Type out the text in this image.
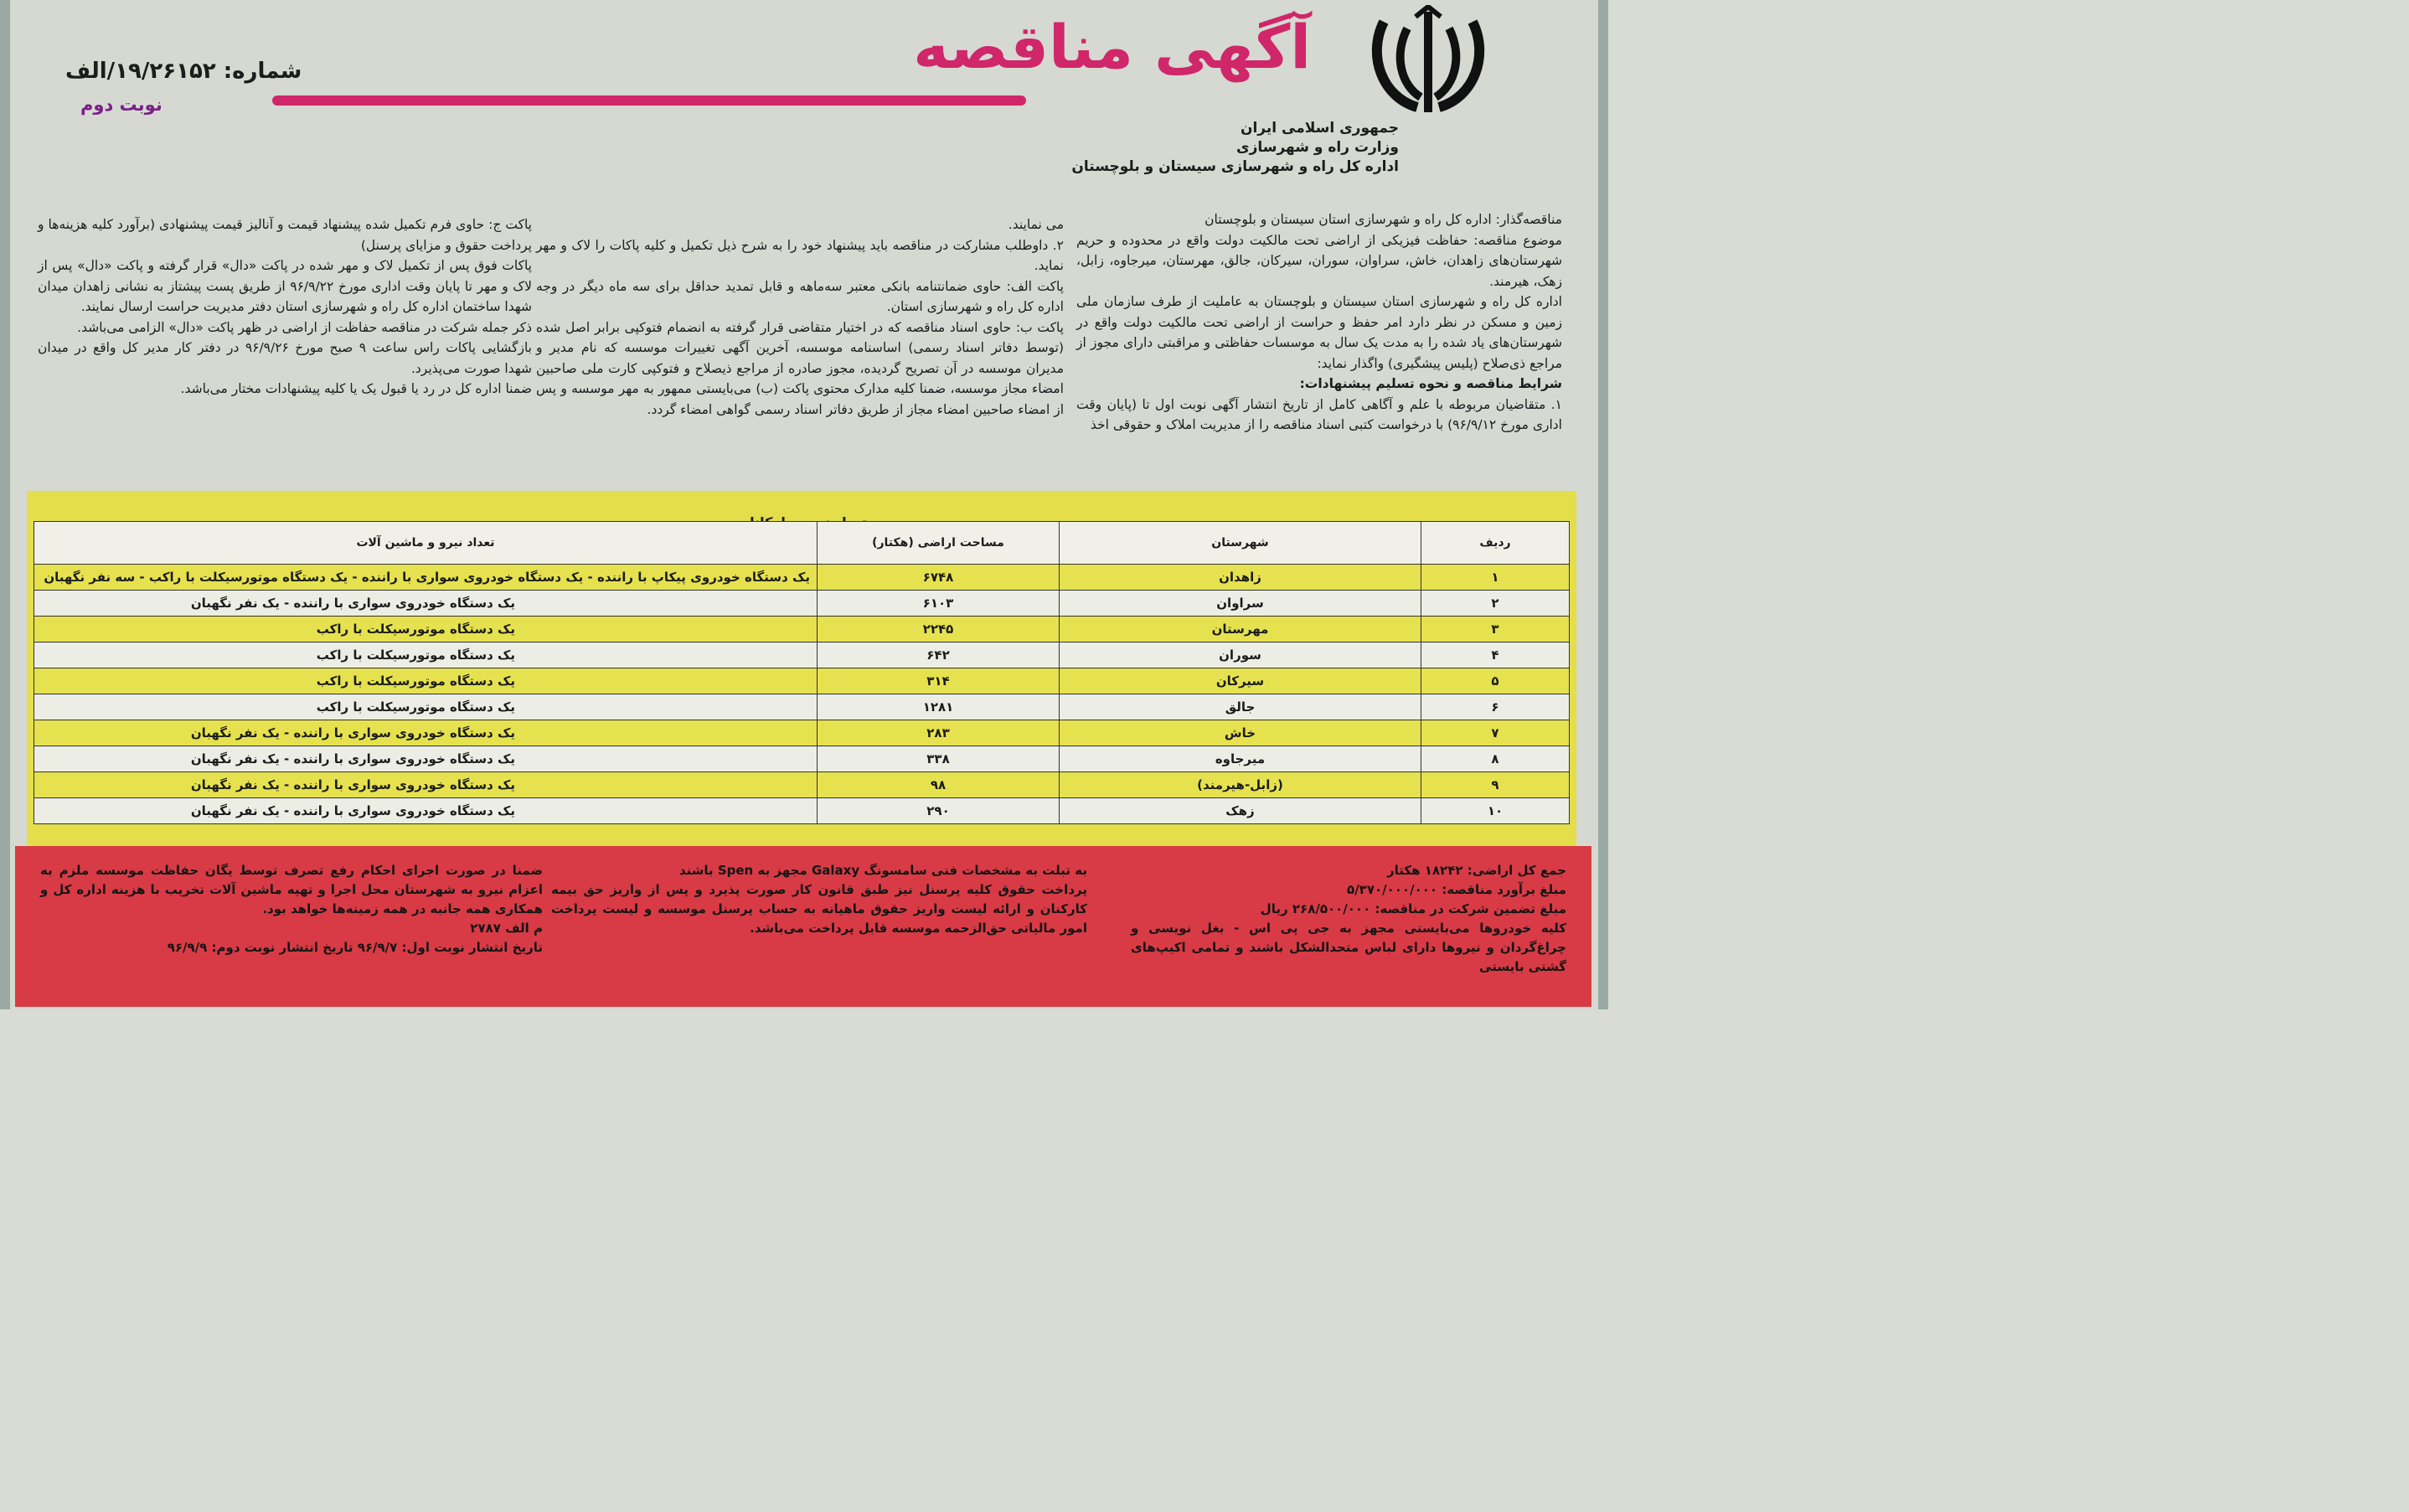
جمهوری اسلامی ایران
وزارت راه و شهرسازی
اداره کل راه و شهرسازی سیستان و بلوچستان
آگهی مناقصه
شماره: ۱۹/۲۶۱۵۲/الف
نوبت دوم

مناقصه‌گذار: اداره کل راه و شهرسازی استان سیستان و بلوچستان

موضوع مناقصه: حفاظت فیزیکی از اراضی تحت مالکیت دولت واقع در محدوده و حریم شهرستان‌های زاهدان، خاش، سراوان، سوران، سیرکان، جالق، مهرستان، میرجاوه، زابل، زهک، هیرمند.

اداره کل راه و شهرسازی استان سیستان و بلوچستان به عاملیت از طرف سازمان ملی زمین و مسکن در نظر دارد امر حفظ و حراست از اراضی تحت مالکیت دولت واقع در شهرستان‌های یاد شده را به مدت یک سال به موسسات حفاظتی و مراقبتی دارای مجوز از مراجع ذی‌صلاح (پلیس پیشگیری) واگذار نماید:

شرایط مناقصه و نحوه تسلیم پیشنهادات:

۱. متقاضیان مربوطه با علم و آگاهی کامل از تاریخ انتشار آگهی نوبت اول تا (پایان وقت اداری مورخ ۹۶/۹/۱۲) با درخواست کتبی اسناد مناقصه را از مدیریت املاک و حقوقی اخذ

می نمایند.

۲. داوطلب مشارکت در مناقصه باید پیشنهاد خود را به شرح ذیل تکمیل و کلیه پاکات را لاک و مهر نماید.

پاکت الف: حاوی ضمانتنامه بانکی معتبر سه‌ماهه و قابل تمدید حداقل برای سه ماه دیگر در وجه اداره کل راه و شهرسازی استان.

پاکت ب: حاوی اسناد مناقصه که در اختیار متقاضی قرار گرفته به انضمام فتوکپی برابر اصل شده (توسط دفاتر اسناد رسمی) اساسنامه موسسه، آخرین آگهی تغییرات موسسه که نام مدیر و مدیران موسسه در آن تصریح گردیده، مجوز صادره از مراجع ذیصلاح و فتوکپی کارت ملی صاحبین امضاء مجاز موسسه، ضمنا کلیه مدارک محتوی پاکت (ب) می‌بایستی ممهور به مهر موسسه و پس از امضاء صاحبین امضاء مجاز از طریق دفاتر اسناد رسمی گواهی امضاء گردد.

پاکت ج: حاوی فرم تکمیل شده پیشنهاد قیمت و آنالیز قیمت پیشنهادی (برآورد کلیه هزینه‌ها و پرداخت حقوق و مزایای پرسنل)

پاکات فوق پس از تکمیل لاک و مهر شده در پاکت «دال» قرار گرفته و پاکت «دال» پس از لاک و مهر تا پایان وقت اداری مورخ ۹۶/۹/۲۲ از طریق پست پیشتاز به نشانی زاهدان میدان شهدا ساختمان اداره کل راه و شهرسازی استان دفتر مدیریت حراست ارسال نمایند.

ذکر جمله شرکت در مناقصه حفاظت از اراضی در ظهر پاکت «دال» الزامی می‌باشد.

بازگشایی پاکات راس ساعت ۹ صبح مورخ ۹۶/۹/۲۶ در دفتر کار مدیر کل واقع در میدان شهدا صورت می‌پذیرد.

ضمنا اداره کل در رد یا قبول یک یا کلیه پیشنهادات مختار می‌باشد.

ردیف	شهرستان	مساحت اراضی (هکتار)	تعداد نیرو و ماشین آلات
۱	زاهدان	۶۷۴۸	یک دستگاه خودروی پیکاپ با راننده - یک دستگاه خودروی سواری با راننده - یک دستگاه موتورسیکلت با راکب - سه نفر نگهبان
۲	سراوان	۶۱۰۳	یک دستگاه خودروی سواری با راننده - یک نفر نگهبان
۳	مهرستان	۲۲۴۵	یک دستگاه موتورسیکلت با راکب
۴	سوران	۶۴۲	یک دستگاه موتورسیکلت با راکب
۵	سیرکان	۳۱۴	یک دستگاه موتورسیکلت با راکب
۶	جالق	۱۲۸۱	یک دستگاه موتورسیکلت با راکب
۷	خاش	۲۸۳	یک دستگاه خودروی سواری با راننده - یک نفر نگهبان
۸	میرجاوه	۳۳۸	یک دستگاه خودروی سواری با راننده - یک نفر نگهبان
۹	(زابل-هیرمند)	۹۸	یک دستگاه خودروی سواری با راننده - یک نفر نگهبان
۱۰	زهک	۲۹۰	یک دستگاه خودروی سواری با راننده - یک نفر نگهبان

جمع کل اراضی: ۱۸۲۴۲ هکتار

مبلغ برآورد مناقصه: ۵/۳۷۰/۰۰۰/۰۰۰

مبلغ تضمین شرکت در مناقصه: ۲۶۸/۵۰۰/۰۰۰ ریال

کلیه خودروها می‌بایستی مجهز به جی پی اس - بغل نویسی و چراغ‌گردان و نیروها دارای لباس متحدالشکل باشند و تمامی اکیپ‌های گشتی بایستی

به تبلت به مشخصات فنی سامسونگ Galaxy مجهز به Spen باشند

پرداخت حقوق کلیه پرسنل نیز طبق قانون کار صورت پذیرد و پس از واریز حق بیمه کارکنان و ارائه لیست واریز حقوق ماهیانه به حساب پرسنل موسسه و لیست پرداخت امور مالیاتی حق‌الزحمه موسسه قابل پرداخت می‌باشد.

ضمنا در صورت اجرای احکام رفع تصرف توسط یگان حفاظت موسسه ملزم به اعزام نیرو به شهرستان محل اجرا و تهیه ماشین آلات تخریب با هزینه اداره کل و همکاری همه جانبه در همه زمینه‌ها خواهد بود.

م الف ۲۷۸۷

تاریخ انتشار نوبت اول: ۹۶/۹/۷ تاریخ انتشار نوبت دوم: ۹۶/۹/۹
